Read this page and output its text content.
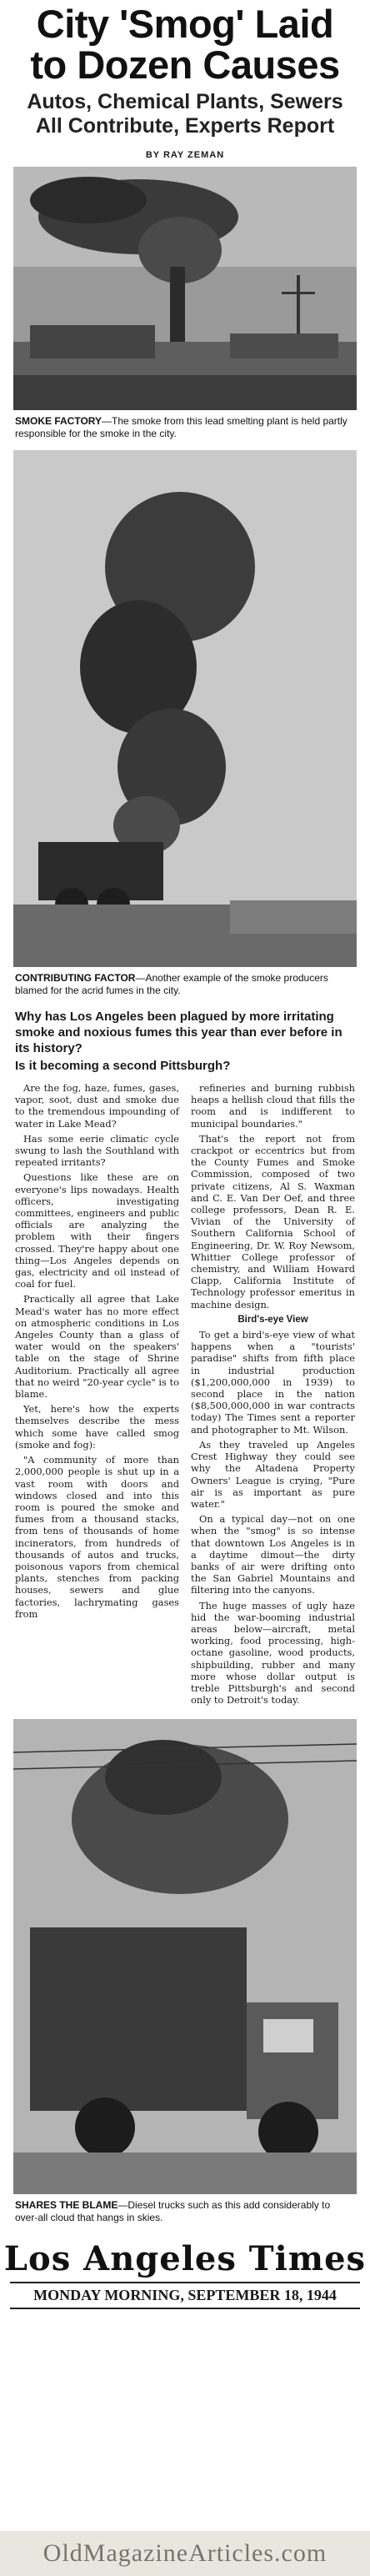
City 'Smog' Laid
to Dozen Causes
Autos, Chemical Plants, Sewers
All Contribute, Experts Report
BY RAY ZEMAN
SMOKE FACTORY—The smoke from this lead smelting plant is held partly responsible for the smoke in the city.
CONTRIBUTING FACTOR—Another example of the smoke producers blamed for the acrid fumes in the city.
Why has Los Angeles been plagued by more irritating smoke and noxious fumes this year than ever before in its history?
Is it becoming a second Pittsburgh?

Are the fog, haze, fumes, gases, vapor, soot, dust and smoke due to the tremendous impounding of water in Lake Mead?

Has some eerie climatic cycle swung to lash the Southland with repeated irritants?

Questions like these are on everyone's lips nowadays. Health officers, investigating committees, engineers and public officials are analyzing the problem with their fingers crossed. They're happy about one thing—Los Angeles depends on gas, electricity and oil instead of coal for fuel.

Practically all agree that Lake Mead's water has no more effect on atmospheric conditions in Los Angeles County than a glass of water would on the speakers' table on the stage of Shrine Auditorium. Practically all agree that no weird "20-year cycle" is to blame.

Yet, here's how the experts themselves describe the mess which some have called smog (smoke and fog):

"A community of more than 2,000,000 people is shut up in a vast room with doors and windows closed and into this room is poured the smoke and fumes from a thousand stacks, from tens of thousands of home incinerators, from hundreds of thousands of autos and trucks, poisonous vapors from chemical plants, stenches from packing houses, sewers and glue factories, lachrymating gases from

refineries and burning rubbish heaps a hellish cloud that fills the room and is indifferent to municipal boundaries."

That's the report not from crackpot or eccentrics but from the County Fumes and Smoke Commission, composed of two private citizens, Al S. Waxman and C. E. Van Der Oef, and three college professors, Dean R. E. Vivian of the University of Southern California School of Engineering, Dr. W. Roy Newsom, Whittier College professor of chemistry, and William Howard Clapp, California Institute of Technology professor emeritus in machine design.

Bird's-eye View

To get a bird's-eye view of what happens when a "tourists' paradise" shifts from fifth place in industrial production ($1,200,000,000 in 1939) to second place in the nation ($8,500,000,000 in war contracts today) The Times sent a reporter and photographer to Mt. Wilson.

As they traveled up Angeles Crest Highway they could see why the Altadena Property Owners' League is crying, "Pure air is as important as pure water."

On a typical day—not on one when the "smog" is so intense that downtown Los Angeles is in a daytime dimout—the dirty banks of air were drifting onto the San Gabriel Mountains and filtering into the canyons.

The huge masses of ugly haze hid the war-booming industrial areas below—aircraft, metal working, food processing, high-octane gasoline, wood products, shipbuilding, rubber and many more whose dollar output is treble Pittsburgh's and second only to Detroit's today.

SHARES THE BLAME—Diesel trucks such as this add considerably to over-all cloud that hangs in skies.
Los Angeles Times
MONDAY MORNING, SEPTEMBER 18, 1944
OldMagazineArticles.com
